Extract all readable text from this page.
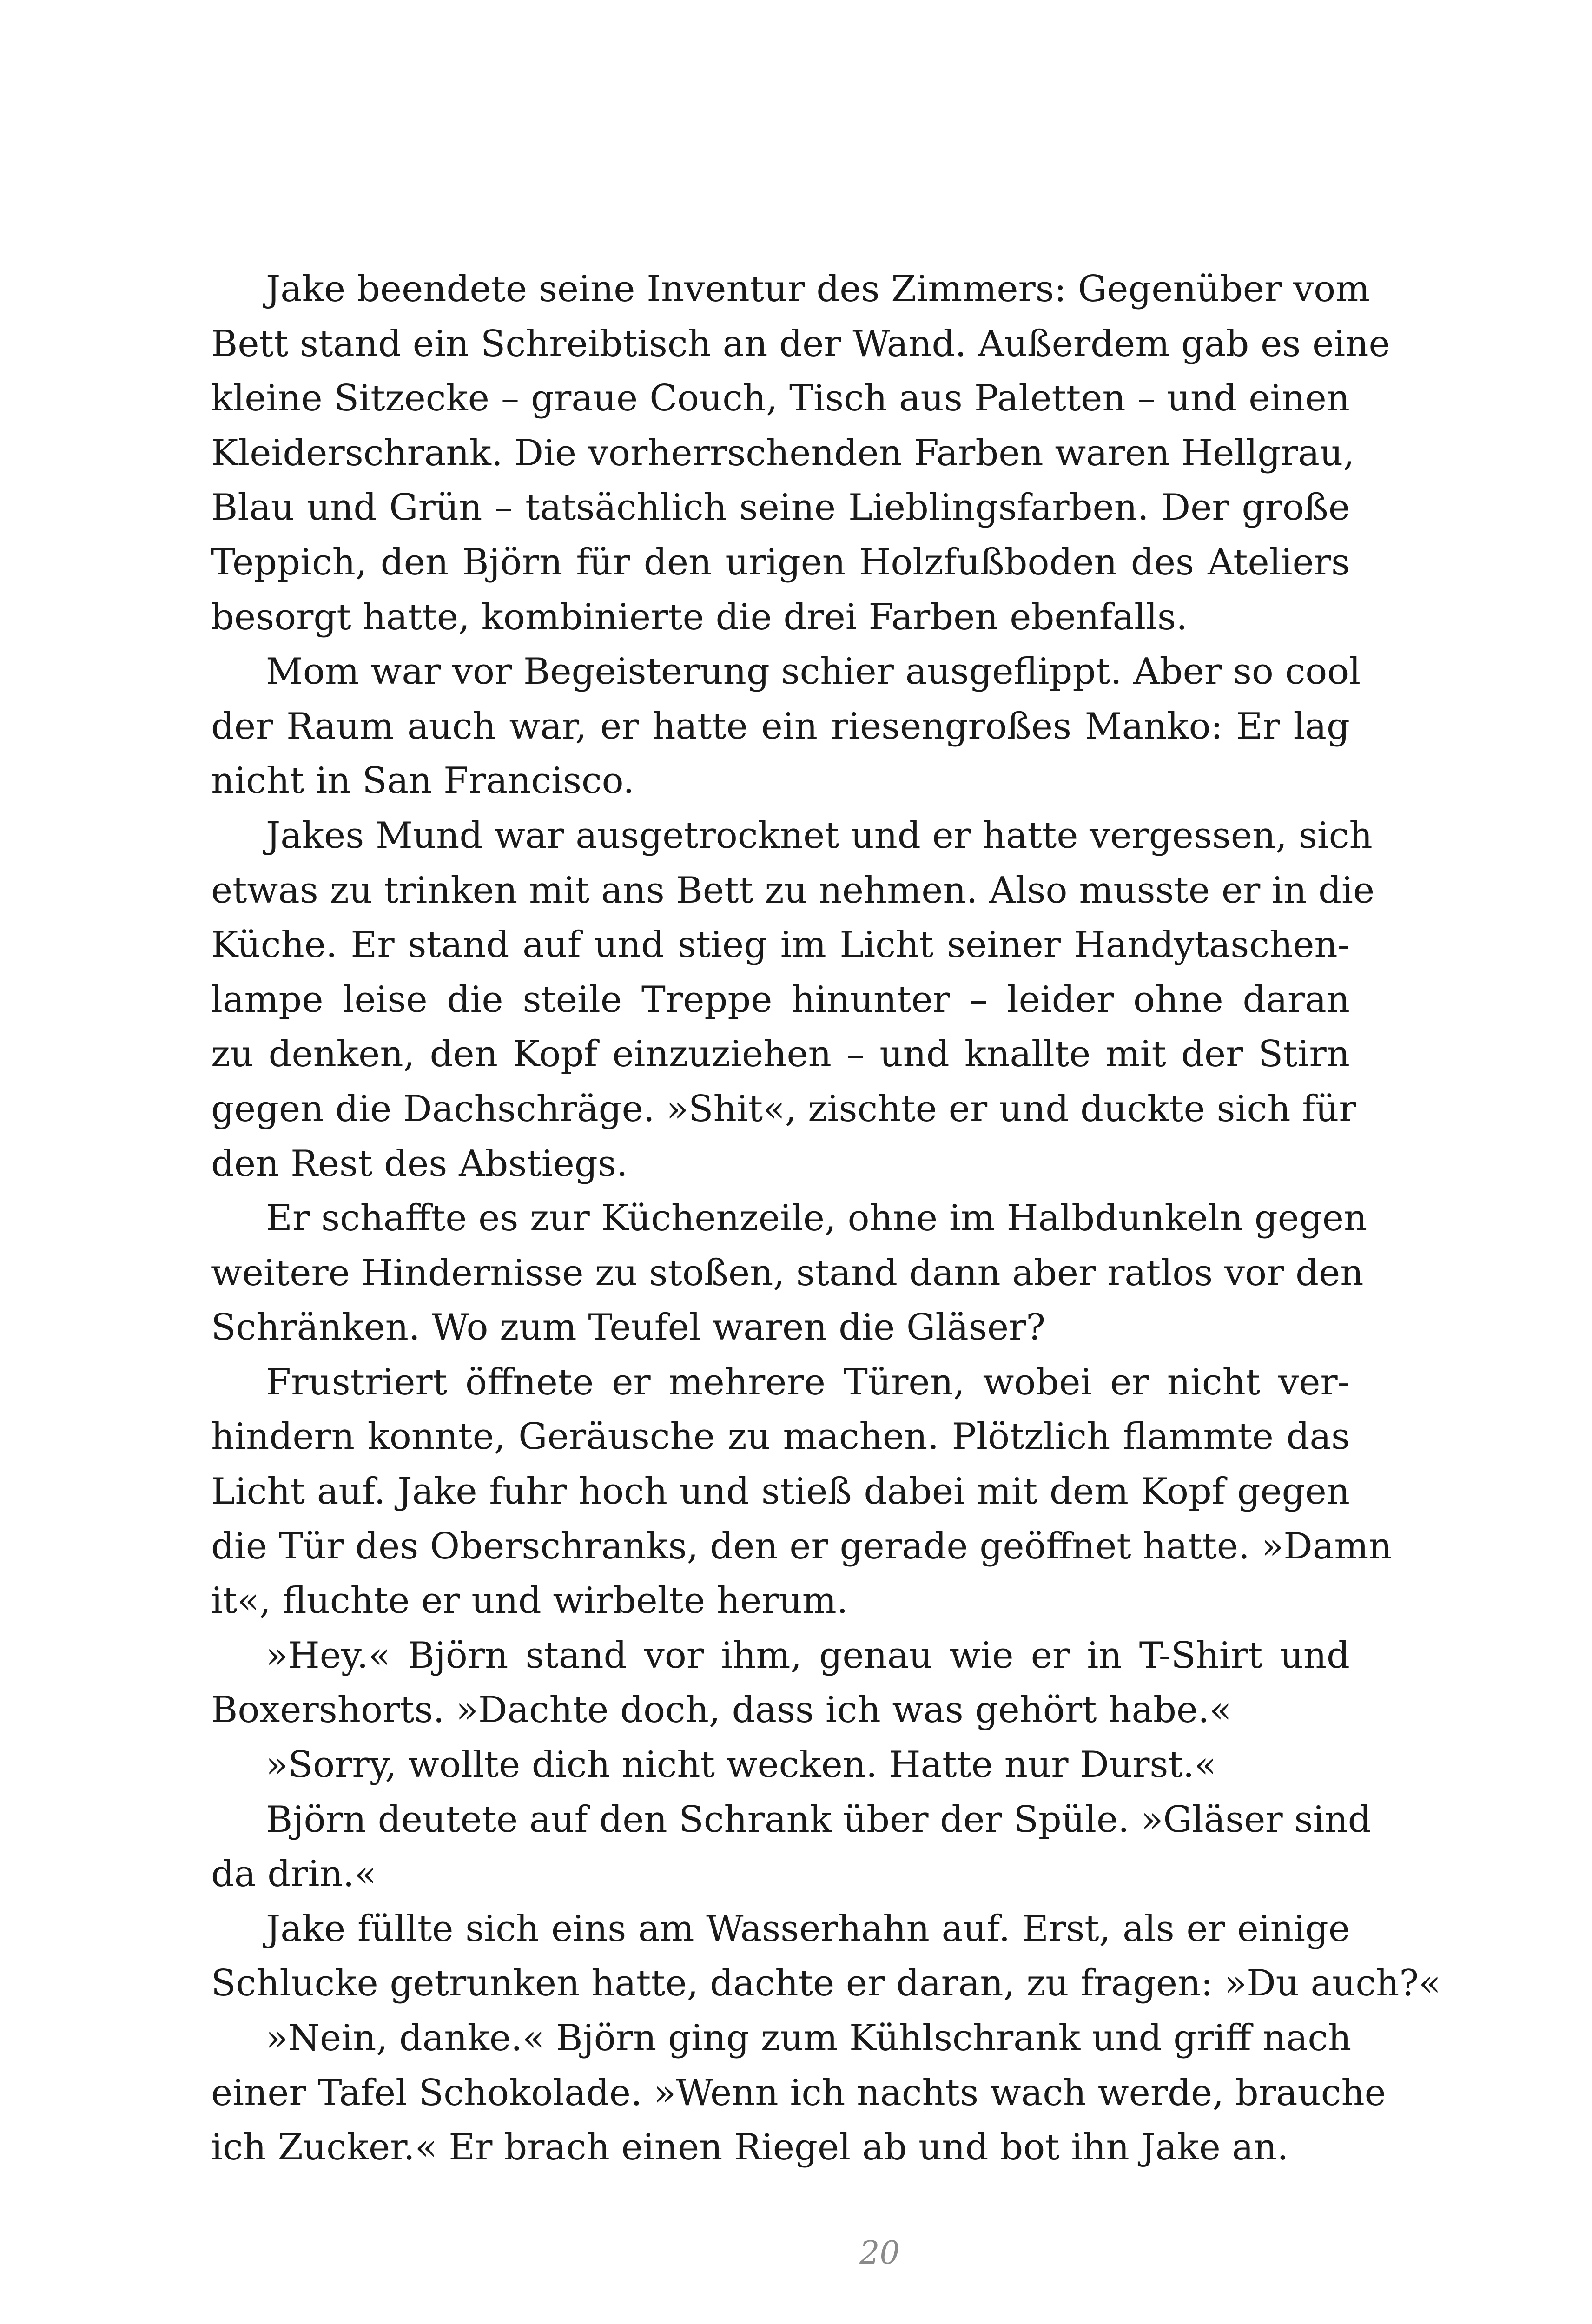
Jake beendete seine Inventur des Zimmers: Gegenüber vom
Bett stand ein Schreibtisch an der Wand. Außerdem gab es eine
kleine Sitzecke – graue Couch, Tisch aus Paletten – und einen
Kleiderschrank. Die vorherrschenden Farben waren Hellgrau,
Blau und Grün – tatsächlich seine Lieblingsfarben. Der große
Teppich, den Björn für den urigen Holzfußboden des Ateliers
besorgt hatte, kombinierte die drei Farben ebenfalls.
Mom war vor Begeisterung schier ausgeflippt. Aber so cool
der Raum auch war, er hatte ein riesengroßes Manko: Er lag
nicht in San Francisco.
Jakes Mund war ausgetrocknet und er hatte vergessen, sich
etwas zu trinken mit ans Bett zu nehmen. Also musste er in die
Küche. Er stand auf und stieg im Licht seiner Handytaschen-
lampe leise die steile Treppe hinunter – leider ohne daran
zu denken, den Kopf einzuziehen – und knallte mit der Stirn
gegen die Dachschräge. »Shit«, zischte er und duckte sich für
den Rest des Abstiegs.
Er schaffte es zur Küchenzeile, ohne im Halbdunkeln gegen
weitere Hindernisse zu stoßen, stand dann aber ratlos vor den
Schränken. Wo zum Teufel waren die Gläser?
Frustriert öffnete er mehrere Türen, wobei er nicht ver-
hindern konnte, Geräusche zu machen. Plötzlich flammte das
Licht auf. Jake fuhr hoch und stieß dabei mit dem Kopf gegen
die Tür des Oberschranks, den er gerade geöffnet hatte. »Damn
it«, fluchte er und wirbelte herum.
»Hey.« Björn stand vor ihm, genau wie er in T-Shirt und
Boxershorts. »Dachte doch, dass ich was gehört habe.«
»Sorry, wollte dich nicht wecken. Hatte nur Durst.«
Björn deutete auf den Schrank über der Spüle. »Gläser sind
da drin.«
Jake füllte sich eins am Wasserhahn auf. Erst, als er einige
Schlucke getrunken hatte, dachte er daran, zu fragen: »Du auch?«
»Nein, danke.« Björn ging zum Kühlschrank und griff nach
einer Tafel Schokolade. »Wenn ich nachts wach werde, brauche
ich Zucker.« Er brach einen Riegel ab und bot ihn Jake an.
20
